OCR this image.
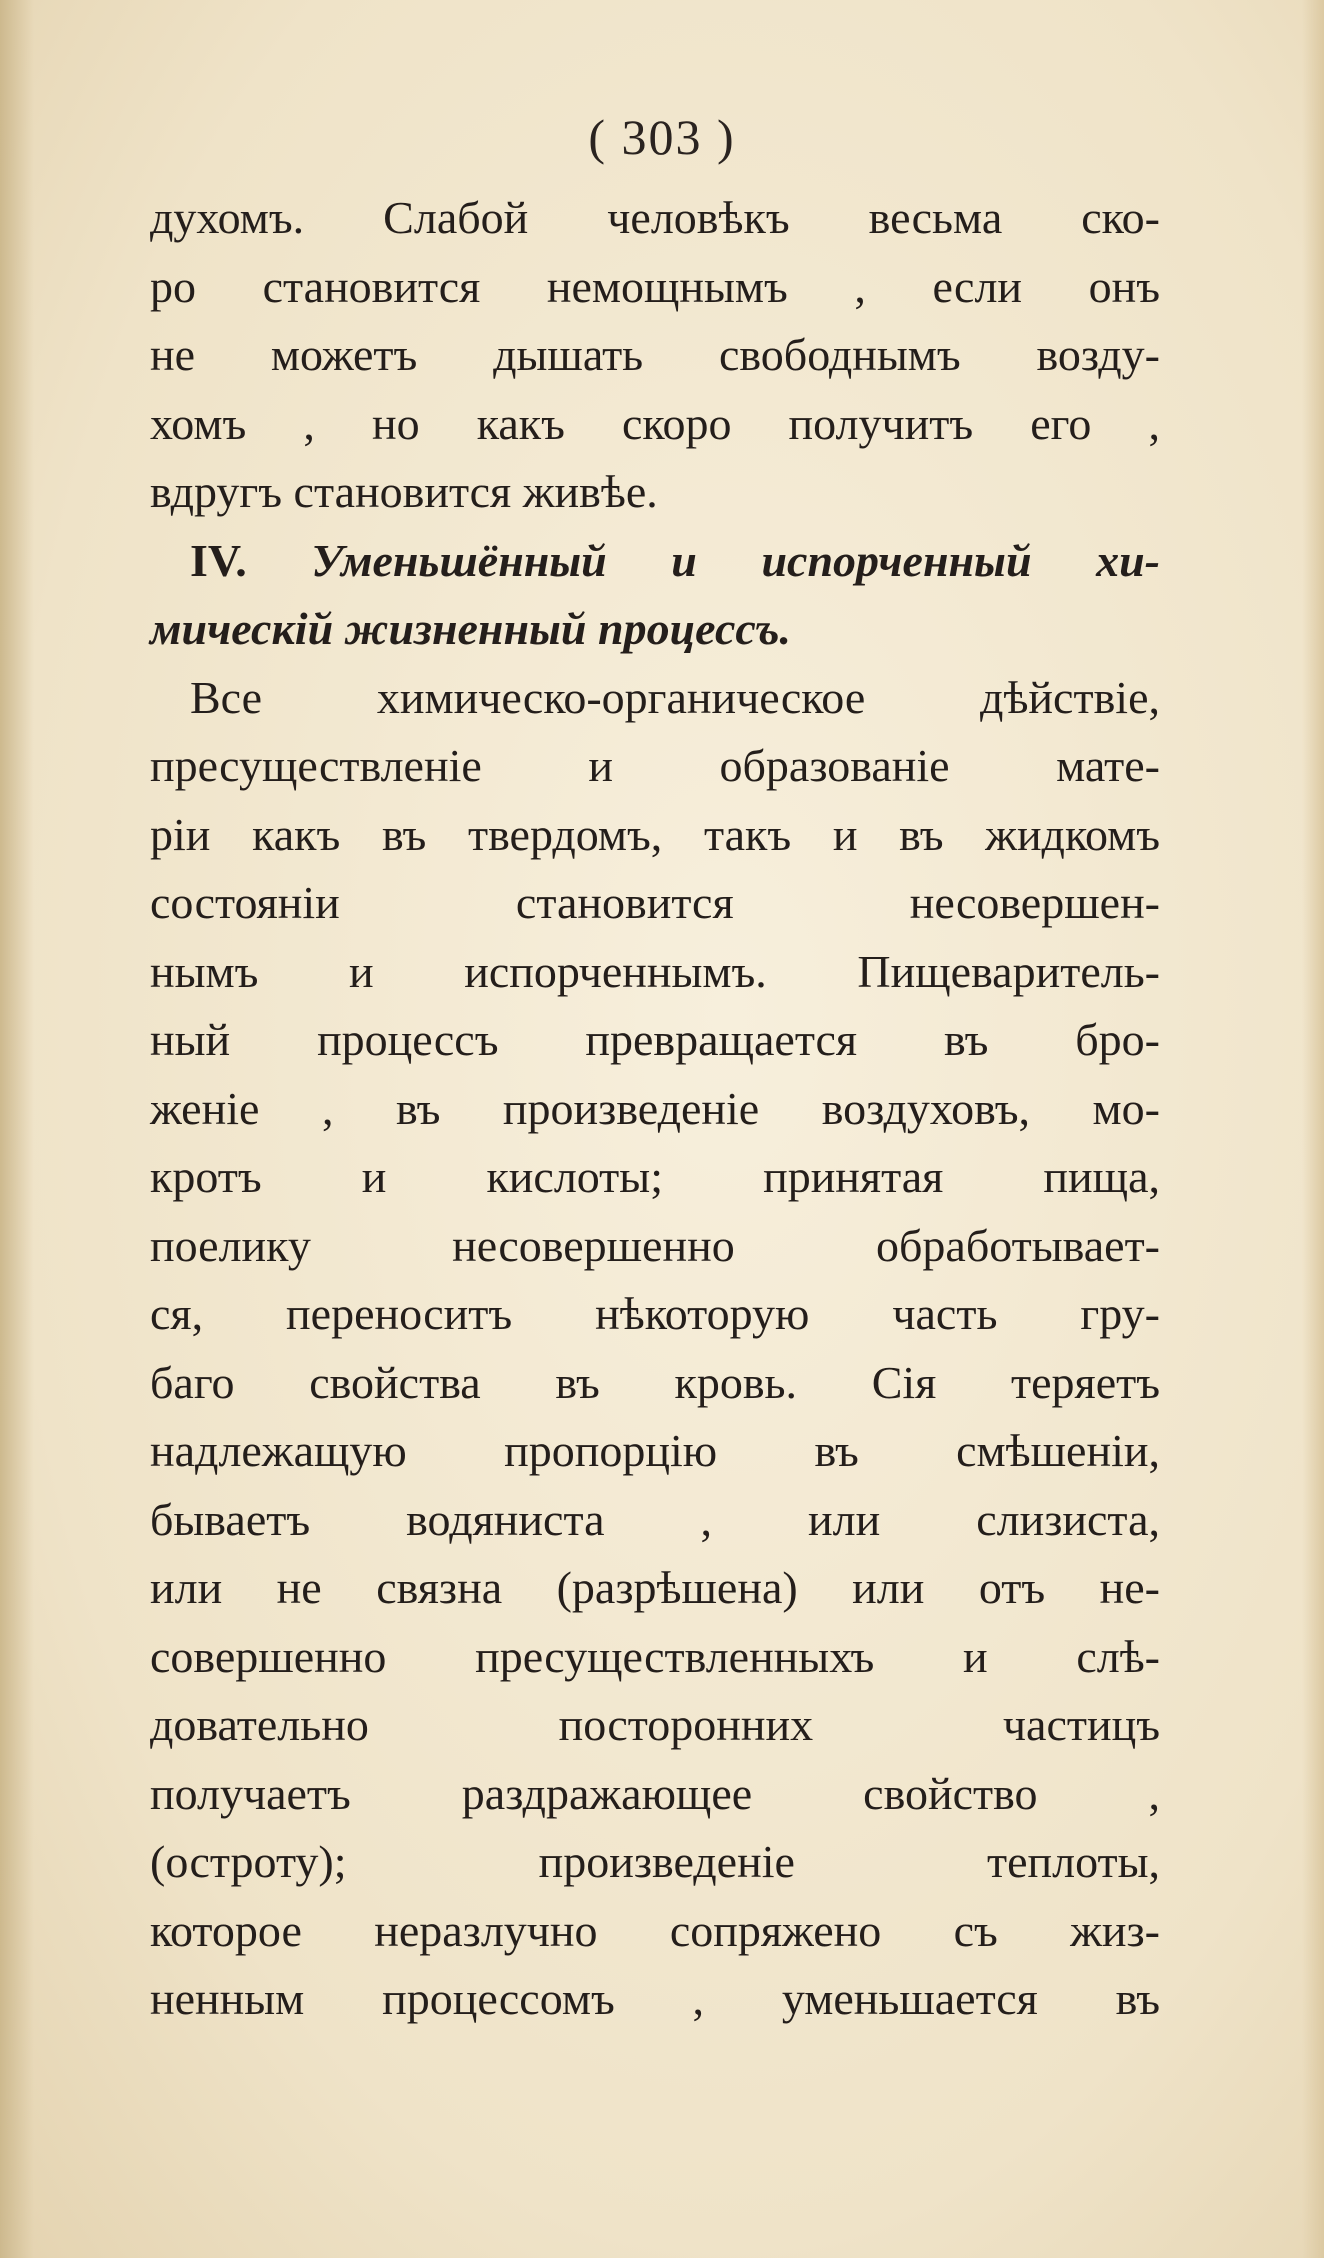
( 303 )
духомъ. Слабой человѣкъ весьма ско-
ро становится немощнымъ , если онъ
не можетъ дышать свободнымъ возду-
хомъ , но какъ скоро получитъ его ,
вдругъ становится живѣе.
IV. Уменьшённый и испорченный хи-
мическій жизненный процессъ.
Все химическо-органическое дѣйствіе,
пресуществленіе и образованіе мате-
ріи какъ въ твердомъ, такъ и въ жидкомъ
состояніи становится несовершен-
нымъ и испорченнымъ. Пищеваритель-
ный процессъ превращается въ бро-
женіе , въ произведеніе воздуховъ, мо-
кротъ и кислоты; принятая пища,
поелику несовершенно обработывает-
ся, переноситъ нѣкоторую часть гру-
баго свойства въ кровь. Сія теряетъ
надлежащую пропорцію въ смѣшеніи,
бываетъ водяниста , или слизиста,
или не связна (разрѣшена) или отъ не-
совершенно пресуществленныхъ и слѣ-
довательно посторонних частицъ
получаетъ раздражающее свойство ,
(остроту); произведеніе теплоты,
которое неразлучно сопряжено съ жиз-
ненным процессомъ , уменьшается въ
